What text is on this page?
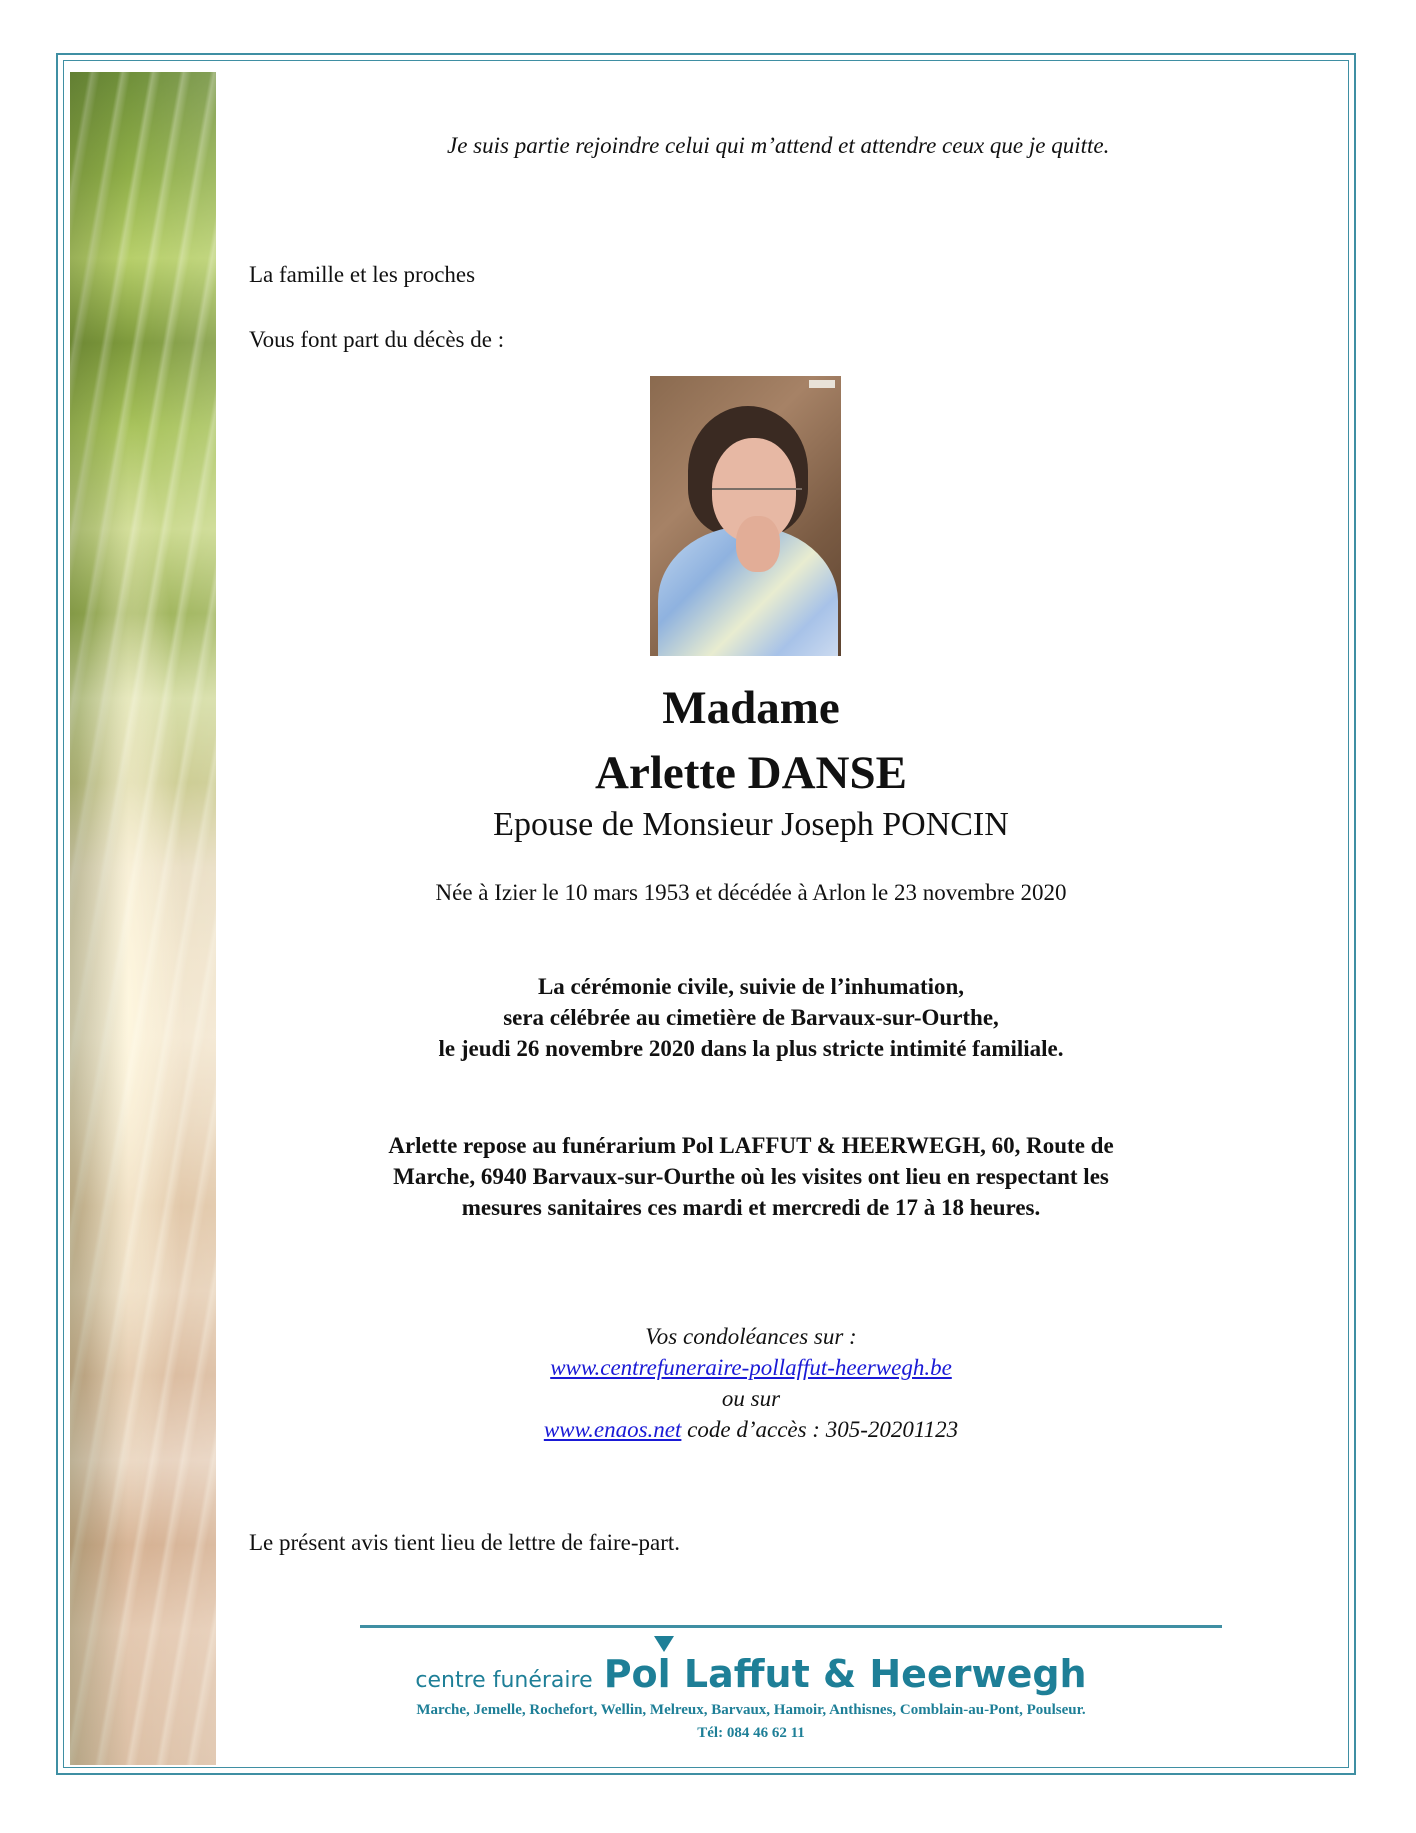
Je suis partie rejoindre celui qui m’attend et attendre ceux que je quitte.

La famille et les proches

Vous font part du décès de :

Madame

Arlette DANSE

Epouse de Monsieur Joseph PONCIN

Née à Izier le 10 mars 1953 et décédée à Arlon le 23 novembre 2020

La cérémonie civile, suivie de l’inhumation,
sera célébrée au cimetière de Barvaux-sur-Ourthe,
le jeudi 26 novembre 2020 dans la plus stricte intimité familiale.
Arlette repose au funérarium Pol LAFFUT & HEERWEGH, 60, Route de
Marche, 6940 Barvaux-sur-Ourthe où les visites ont lieu en respectant les
mesures sanitaires ces mardi et mercredi de 17 à 18 heures.

Vos condoléances sur :

www.centrefuneraire-pollaffut-heerwegh.be

ou sur

www.enaos.net code d’accès : 305-20201123

Le présent avis tient lieu de lettre de faire-part.

centre funéraire Pol Laffut & Heerwegh

Marche, Jemelle, Rochefort, Wellin, Melreux, Barvaux, Hamoir, Anthisnes, Comblain-au-Pont, Poulseur.

Tél: 084 46 62 11
